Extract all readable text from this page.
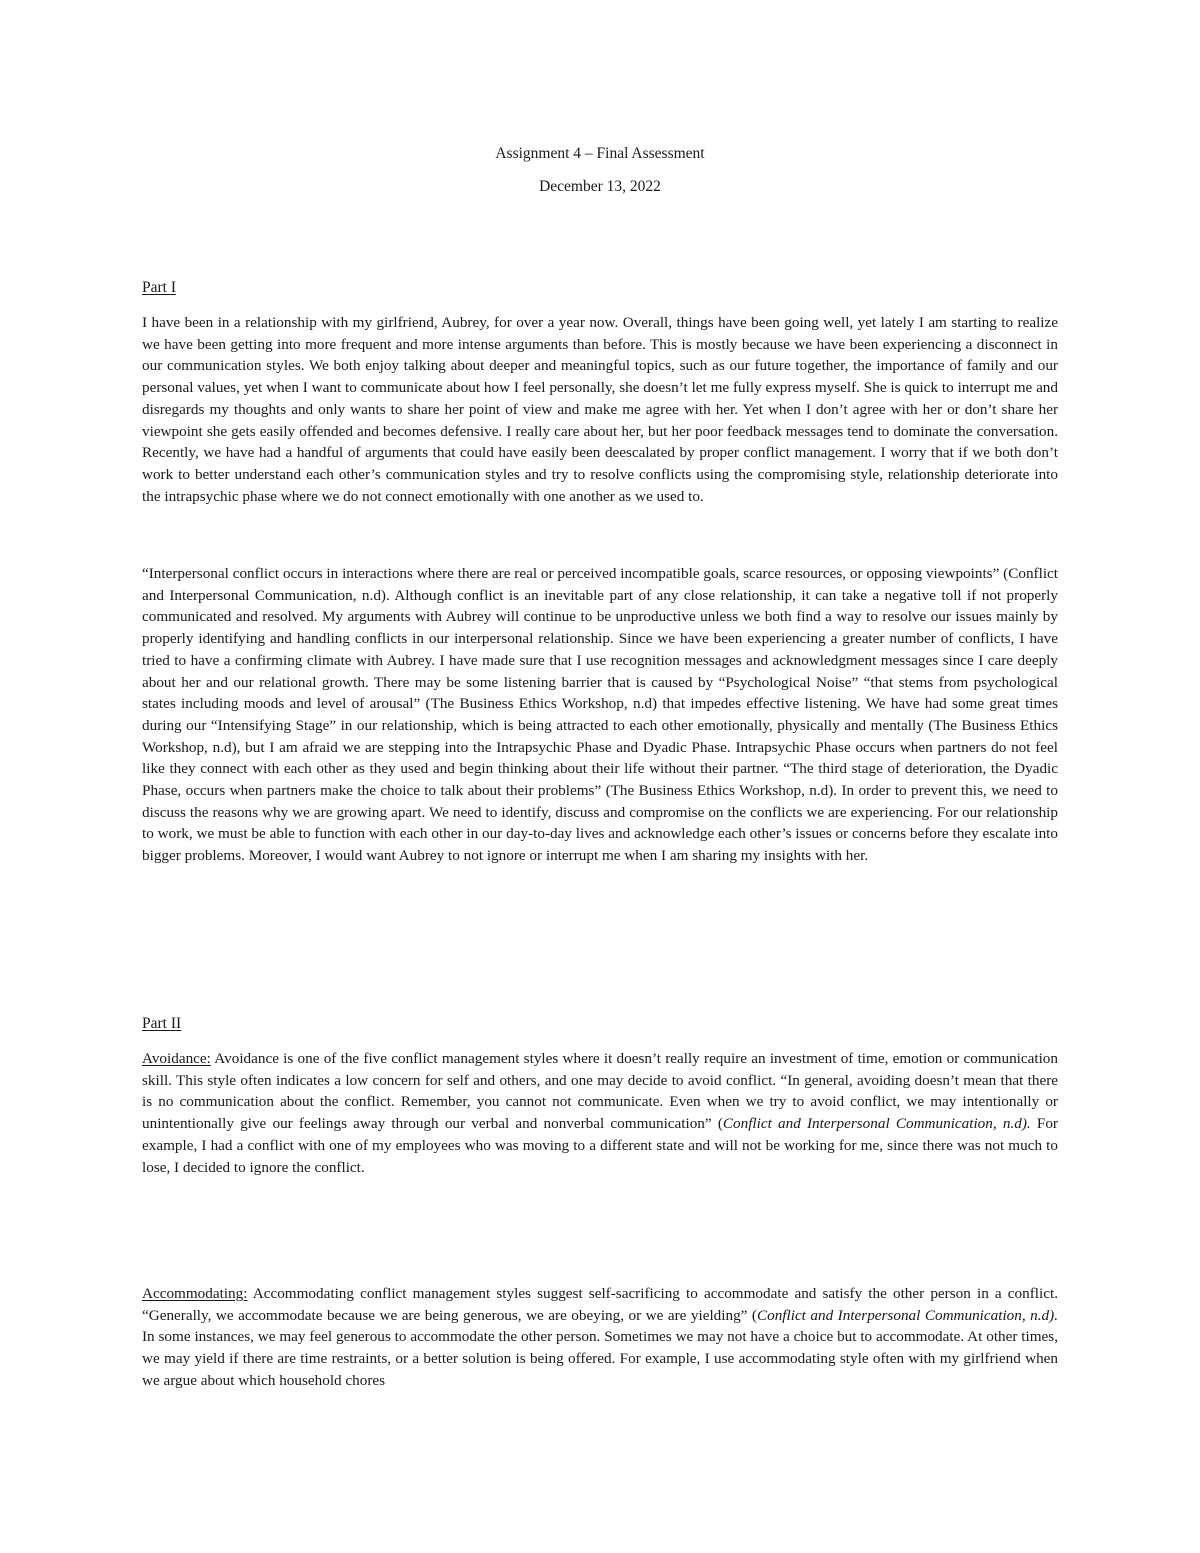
Assignment 4 – Final Assessment
December 13, 2022
Part I

I have been in a relationship with my girlfriend, Aubrey, for over a year now. Overall, things have been going well, yet lately I am starting to realize we have been getting into more frequent and more intense arguments than before. This is mostly because we have been experiencing a disconnect in our communication styles. We both enjoy talking about deeper and meaningful topics, such as our future together, the importance of family and our personal values, yet when I want to communicate about how I feel personally, she doesn’t let me fully express myself. She is quick to interrupt me and disregards my thoughts and only wants to share her point of view and make me agree with her. Yet when I don’t agree with her or don’t share her viewpoint she gets easily offended and becomes defensive. I really care about her, but her poor feedback messages tend to dominate the conversation. Recently, we have had a handful of arguments that could have easily been deescalated by proper conflict management. I worry that if we both don’t work to better understand each other’s communication styles and try to resolve conflicts using the compromising style, relationship deteriorate into the intrapsychic phase where we do not connect emotionally with one another as we used to.

“Interpersonal conflict occurs in interactions where there are real or perceived incompatible goals, scarce resources, or opposing viewpoints” (Conflict and Interpersonal Communication, n.d). Although conflict is an inevitable part of any close relationship, it can take a negative toll if not properly communicated and resolved. My arguments with Aubrey will continue to be unproductive unless we both find a way to resolve our issues mainly by properly identifying and handling conflicts in our interpersonal relationship. Since we have been experiencing a greater number of conflicts, I have tried to have a confirming climate with Aubrey. I have made sure that I use recognition messages and acknowledgment messages since I care deeply about her and our relational growth. There may be some listening barrier that is caused by “Psychological Noise” “that stems from psychological states including moods and level of arousal” (The Business Ethics Workshop, n.d) that impedes effective listening. We have had some great times during our “Intensifying Stage” in our relationship, which is being attracted to each other emotionally, physically and mentally (The Business Ethics Workshop, n.d), but I am afraid we are stepping into the Intrapsychic Phase and Dyadic Phase. Intrapsychic Phase occurs when partners do not feel like they connect with each other as they used and begin thinking about their life without their partner. “The third stage of deterioration, the Dyadic Phase, occurs when partners make the choice to talk about their problems” (The Business Ethics Workshop, n.d). In order to prevent this, we need to discuss the reasons why we are growing apart. We need to identify, discuss and compromise on the conflicts we are experiencing. For our relationship to work, we must be able to function with each other in our day-to-day lives and acknowledge each other’s issues or concerns before they escalate into bigger problems. Moreover, I would want Aubrey to not ignore or interrupt me when I am sharing my insights with her.

Part II

Avoidance: Avoidance is one of the five conflict management styles where it doesn’t really require an investment of time, emotion or communication skill. This style often indicates a low concern for self and others, and one may decide to avoid conflict. “In general, avoiding doesn’t mean that there is no communication about the conflict. Remember, you cannot not communicate. Even when we try to avoid conflict, we may intentionally or unintentionally give our feelings away through our verbal and nonverbal communication” (Conflict and Interpersonal Communication, n.d). For example, I had a conflict with one of my employees who was moving to a different state and will not be working for me, since there was not much to lose, I decided to ignore the conflict.

Accommodating: Accommodating conflict management styles suggest self-sacrificing to accommodate and satisfy the other person in a conflict. “Generally, we accommodate because we are being generous, we are obeying, or we are yielding” (Conflict and Interpersonal Communication, n.d). In some instances, we may feel generous to accommodate the other person. Sometimes we may not have a choice but to accommodate. At other times, we may yield if there are time restraints, or a better solution is being offered. For example, I use accommodating style often with my girlfriend when we argue about which household chores
